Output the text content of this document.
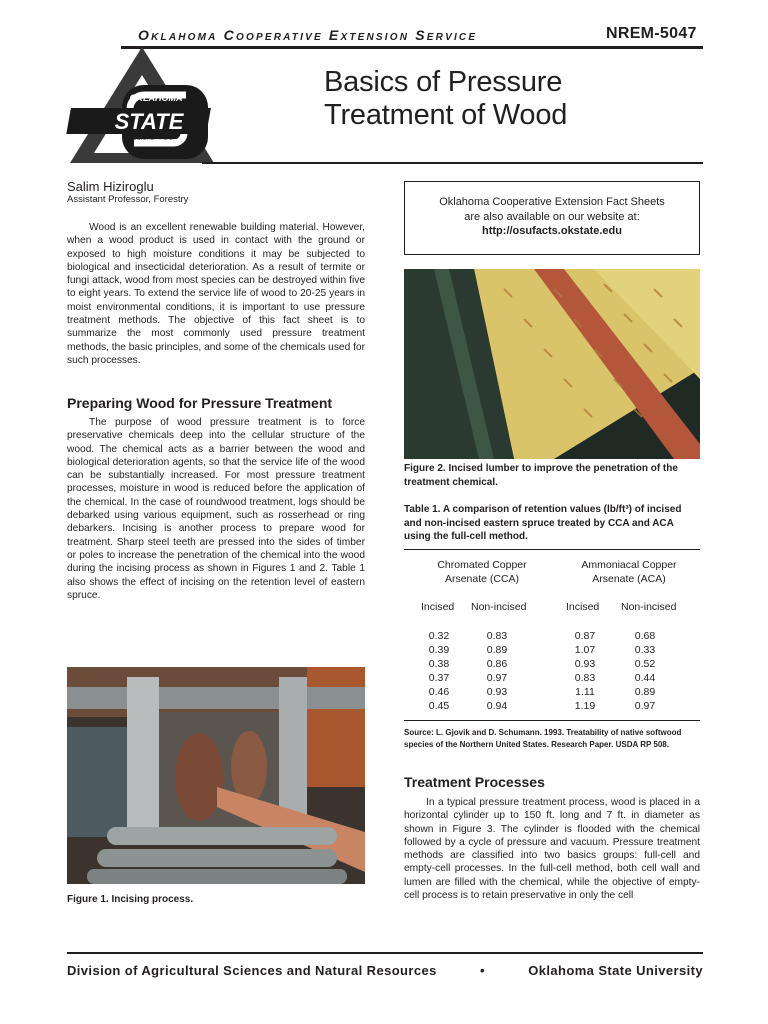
Oklahoma Cooperative Extension Service	NREM-5047
OKLAHOMA
STATE
UNIVERSITY
Basics of Pressure
Treatment of Wood
Salim Hiziroglu
Assistant Professor, Forestry

Wood is an excellent renewable building material. However, when a wood product is used in contact with the ground or exposed to high moisture conditions it may be subjected to biological and insecticidal deterioration. As a result of termite or fungi attack, wood from most species can be destroyed within five to eight years. To extend the service life of wood to 20-25 years in moist environmental conditions, it is important to use pressure treatment methods. The objective of this fact sheet is to summarize the most commonly used pressure treatment methods, the basic principles, and some of the chemicals used for such processes.

Preparing Wood for Pressure Treatment

The purpose of wood pressure treatment is to force preservative chemicals deep into the cellular structure of the wood. The chemical acts as a barrier between the wood and biological deterioration agents, so that the service life of the wood can be substantially increased. For most pressure treatment processes, moisture in wood is reduced before the application of the chemical. In the case of roundwood treatment, logs should be debarked using various equipment, such as rosserhead or ring debarkers. Incising is another process to prepare wood for treatment. Sharp steel teeth are pressed into the sides of timber or poles to increase the penetration of the chemical into the wood during the incising process as shown in Figures 1 and 2. Table 1 also shows the effect of incising on the retention level of eastern spruce.

Figure 1. Incising process.
Oklahoma Cooperative Extension Fact Sheets
are also available on our website at:
http://osufacts.okstate.edu
Figure 2. Incised lumber to improve the penetration of the treatment chemical.
Table 1. A comparison of retention values (lb/ft³) of incised and non-incised eastern spruce treated by CCA and ACA using the full-cell method.
Chromated Copper
Arsenate (CCA)
Ammoniacal Copper
Arsenate (ACA)
Incised Non-incised	Incised Non-incised
0.32	0.83	0.87	0.68
0.39	0.89	1.07	0.33
0.38	0.86	0.93	0.52
0.37	0.97	0.83	0.44
0.46	0.93	1.11	0.89
0.45	0.94	1.19	0.97
Source: L. Gjovik and D. Schumann. 1993. Treatability of native softwood species of the Northern United States. Research Paper. USDA RP 508.
Treatment Processes

In a typical pressure treatment process, wood is placed in a horizontal cylinder up to 150 ft. long and 7 ft. in diameter as shown in Figure 3. The cylinder is flooded with the chemical followed by a cycle of pressure and vacuum. Pressure treatment methods are classified into two basics groups: full-cell and empty-cell processes. In the full-cell method, both cell wall and lumen are filled with the chemical, while the objective of empty-cell process is to retain preservative in only the cell

Division of Agricultural Sciences and Natural Resources	•	Oklahoma State University
